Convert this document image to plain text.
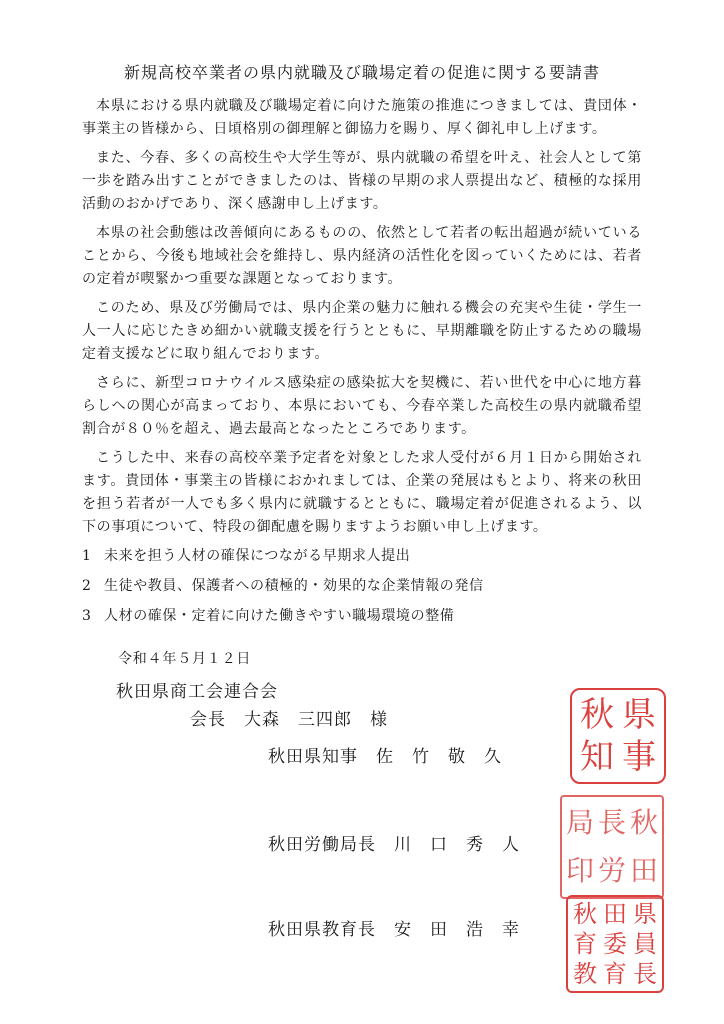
新規高校卒業者の県内就職及び職場定着の促進に関する要請書

本県における県内就職及び職場定着に向けた施策の推進につきましては、貴団体・事業主の皆様から、日頃格別の御理解と御協力を賜り、厚く御礼申し上げます。

また、今春、多くの高校生や大学生等が、県内就職の希望を叶え、社会人として第一歩を踏み出すことができましたのは、皆様の早期の求人票提出など、積極的な採用活動のおかげであり、深く感謝申し上げます。

本県の社会動態は改善傾向にあるものの、依然として若者の転出超過が続いていることから、今後も地域社会を維持し、県内経済の活性化を図っていくためには、若者の定着が喫緊かつ重要な課題となっております。

このため、県及び労働局では、県内企業の魅力に触れる機会の充実や生徒・学生一人一人に応じたきめ細かい就職支援を行うとともに、早期離職を防止するための職場定着支援などに取り組んでおります。

さらに、新型コロナウイルス感染症の感染拡大を契機に、若い世代を中心に地方暮らしへの関心が高まっており、本県においても、今春卒業した高校生の県内就職希望割合が８０％を超え、過去最高となったところであります。

こうした中、来春の高校卒業予定者を対象とした求人受付が６月１日から開始されます。貴団体・事業主の皆様におかれましては、企業の発展はもとより、将来の秋田を担う若者が一人でも多く県内に就職するとともに、職場定着が促進されるよう、以下の事項について、特段の御配慮を賜りますようお願い申し上げます。

1 未来を担う人材の確保につながる早期求人提出
2 生徒や教員、保護者への積極的・効果的な企業情報の発信
3 人材の確保・定着に向けた働きやすい職場環境の整備
令和４年５月１２日
秋田県商工会連合会
会長　大森　三四郎　様
秋田県知事　佐　竹　敬　久
秋田労働局長　川　口　秀　人
秋田県教育長　安　田　浩　幸
秋 県
知 事
局 長 秋
印 労 田
秋 田 県
育 委 員
教 育 長
